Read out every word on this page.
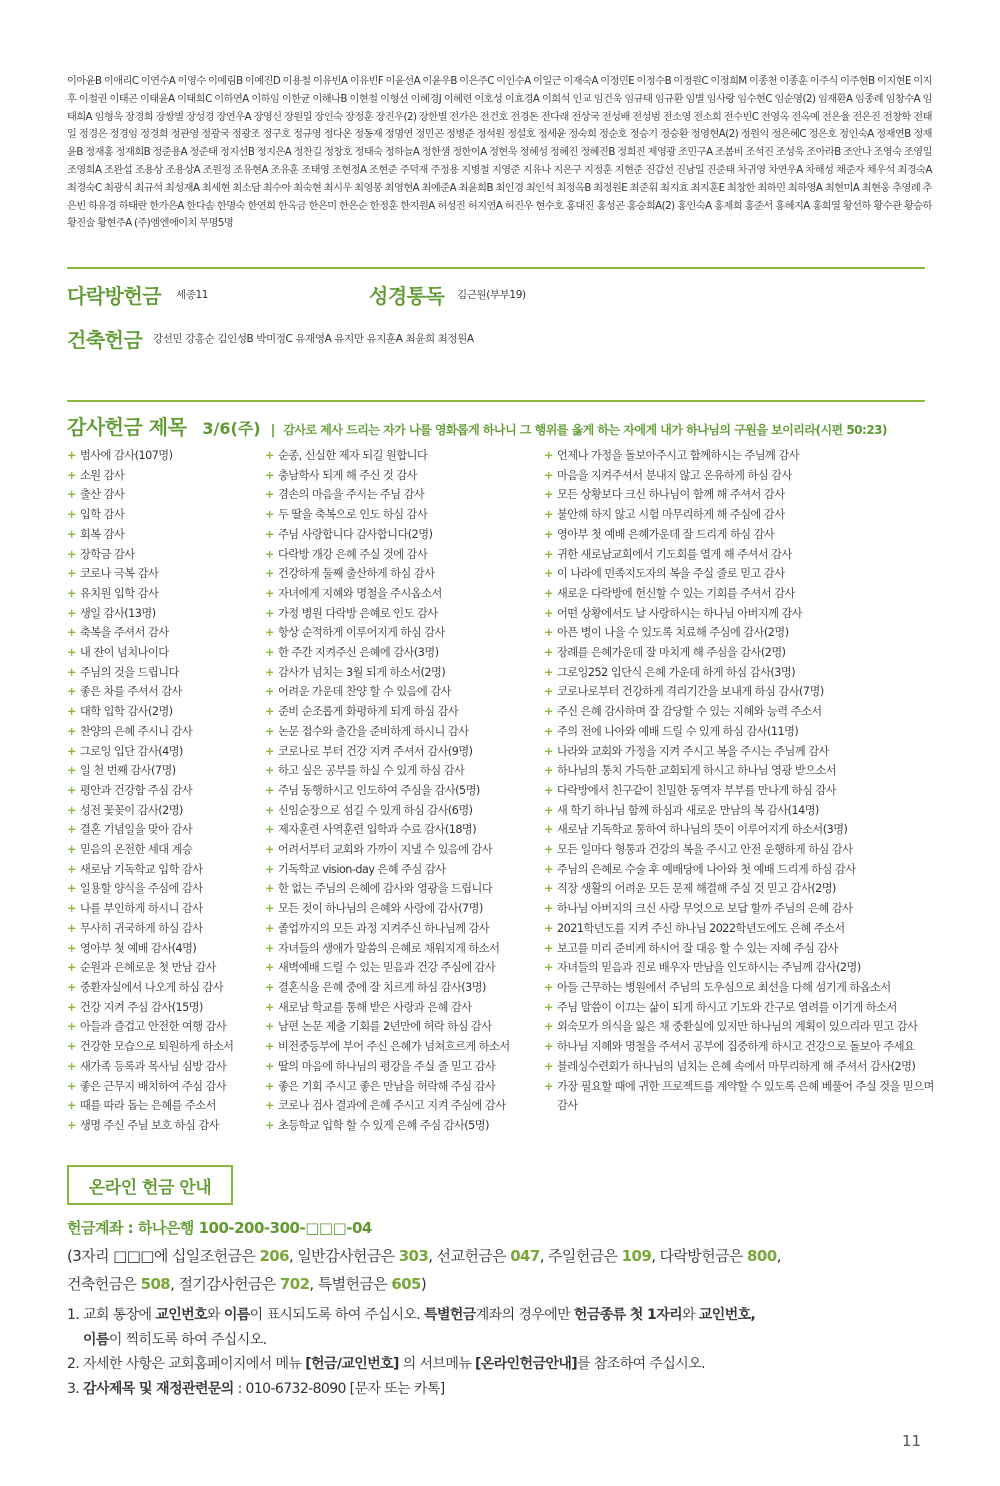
이아윤B 이애리C 이연수A 이영수 이예림B 이예진D 이용철 이유빈A 이유빈F 이윤선A 이윤우B 이은주C 이인수A 이일근 이재숙A 이정민E 이정수B 이정원C 이정희M 이종천 이종훈 이주식 이주현B 이지현E 이지후 이철권 이태곤 이태윤A 이태희C 이하연A 이하임 이한균 이해나B 이현철 이형선 이혜경J 이혜련 이호성 이효경A 이희석 인교 임건욱 임규태 임규환 임별 임사랑 임수현C 임순영(2) 임재환A 임종례 임창수A 임태희A 임형욱 장경희 장쌍별 장성경 장연우A 장영신 장원일 장인숙 장정훈 장진우(2) 장한별 전가은 전건호 전경돈 전다래 전상국 전성배 전성범 전소영 전소희 전수빈C 전영옥 전옥예 전은율 전은진 전창학 전태일 정경은 정경임 정경희 정관영 정광국 정광조 정구호 정규영 정다온 정동재 정명연 정민곤 정병준 정석원 정설호 정세윤 정숙희 정순호 정승기 정승환 정영현A(2) 정원익 정은혜C 정은호 정인숙A 정재연B 정재윤B 정재홍 정재희B 정준용A 정준태 정지선B 정지은A 정찬길 정창호 정태숙 정하늘A 정한샘 정한이A 정현욱 정혜성 정혜진 정혜진B 정희진 제영광 조민구A 조봄비 조석진 조성욱 조아라B 조안나 조영숙 조영일 조영희A 조완섭 조용상 조용상A 조원정 조유현A 조유훈 조태영 조현정A 조현준 주덕재 주정용 지병철 지영준 지유나 지은구 지정훈 지현준 진갑선 진남일 진준태 차귀영 차연우A 차해성 채준자 채우석 최경숙A 최경숙C 최광식 최규석 최성재A 최세현 최소담 최수아 최숙현 최시우 최영봉 최영현A 최예준A 최윤희B 최인경 최인석 최정옥B 최정원E 최준휘 최지효 최지훈E 최창한 최하민 최하영A 최현미A 최현웅 추영례 추은빈 하유경 하태란 한가은A 한다솜 한명숙 한연희 한옥금 한은미 한은순 한정훈 한지원A 허성진 허지연A 허진우 현수호 홍대진 홍성곤 홍승희A(2) 홍인숙A 홍제희 홍준서 홍혜지A 홍희열 황선하 황수관 황승하 황진술 황현주A (주)엠엔에이치 무명5명
다락방헌금 세종11	성경통독 김근원(부부19)
건축헌금 강선민 강홍순 김인성B 박미정C 유재영A 유지만 유지훈A 최윤희 최정원A
감사헌금 제목 3/6(주) | 감사로 제사 드리는 자가 나를 영화롭게 하나니 그 행위를 옳게 하는 자에게 내가 하나님의 구원을 보이리라(시편 50:23)
+ 범사에 감사(107명)
+ 소원 감사
+ 출산 감사
+ 입학 감사
+ 회복 감사
+ 장학금 감사
+ 코로나 극복 감사
+ 유치원 입학 감사
+ 생일 감사(13명)
+ 축복을 주셔서 감사
+ 내 잔이 넘치나이다
+ 주님의 것을 드립니다
+ 좋은 차를 주셔서 감사
+ 대학 입학 감사(2명)
+ 찬양의 은혜 주시니 감사
+ 그로잉 입단 감사(4명)
+ 일 천 번째 감사(7명)
+ 평안과 건강함 주심 감사
+ 성전 꽃꽂이 감사(2명)
+ 결혼 기념일을 맞아 감사
+ 믿음의 온전한 세대 계승
+ 새로남 기독학교 입학 감사
+ 일용할 양식을 주심에 감사
+ 나를 부인하게 하시니 감사
+ 무사히 귀국하게 하심 감사
+ 영아부 첫 예배 감사(4명)
+ 순원과 은혜로운 첫 만남 감사
+ 중환자실에서 나오게 하심 감사
+ 건강 지켜 주심 감사(15명)
+ 아들과 즐겁고 안전한 여행 감사
+ 건강한 모습으로 퇴원하게 하소서
+ 새가족 등록과 목사님 심방 감사
+ 좋은 근무지 배치하여 주심 감사
+ 때를 따라 돕는 은혜를 주소서
+ 생명 주신 주님 보호 하심 감사
+ 순종, 신실한 제자 되길 원합니다
+ 충남학사 되게 해 주신 것 감사
+ 겸손의 마음을 주시는 주님 감사
+ 두 딸을 축복으로 인도 하심 감사
+ 주님 사랑합니다 감사합니다(2명)
+ 다락방 개강 은혜 주실 것에 감사
+ 건강하게 둘째 출산하게 하심 감사
+ 자녀에게 지혜와 명철을 주시옵소서
+ 가정 병원 다락방 은혜로 인도 감사
+ 항상 순적하게 이루어지게 하심 감사
+ 한 주간 지켜주신 은혜에 감사(3명)
+ 감사가 넘치는 3월 되게 하소서(2명)
+ 어려운 가운데 찬양 할 수 있음에 감사
+ 준비 순조롭게 화평하게 되게 하심 감사
+ 논문 접수와 출간을 준비하게 하시니 감사
+ 코로나로 부터 건강 지켜 주셔서 감사(9명)
+ 하고 싶은 공부를 하실 수 있게 하심 감사
+ 주님 동행하시고 인도하여 주심을 감사(5명)
+ 신임순장으로 섬길 수 있게 하심 감사(6명)
+ 제자훈련 사역훈련 입학과 수료 감사(18명)
+ 어려서부터 교회와 가까이 지낼 수 있음에 감사
+ 기독학교 vision-day 은혜 주심 감사
+ 한 없는 주님의 은혜에 감사와 영광을 드립니다
+ 모든 것이 하나님의 은혜와 사랑에 감사(7명)
+ 졸업까지의 모든 과정 지켜주신 하나님께 감사
+ 자녀들의 생애가 말씀의 은혜로 채워지게 하소서
+ 새벽예배 드릴 수 있는 믿음과 건강 주심에 감사
+ 결혼식을 은혜 중에 잘 치르게 하심 감사(3명)
+ 새로남 학교를 통해 받은 사랑과 은혜 감사
+ 남편 논문 제출 기회를 2년만에 허락 하심 감사
+ 비전중등부에 부어 주신 은혜가 넘쳐흐르게 하소서
+ 딸의 마음에 하나님의 평강을 주실 줄 믿고 감사
+ 좋은 기회 주시고 좋은 만남을 허락해 주심 감사
+ 코로나 검사 결과에 은혜 주시고 지켜 주심에 감사
+ 초등학교 입학 할 수 있게 은혜 주심 감사(5명)
+ 언제나 가정을 돌보아주시고 함께하시는 주님께 감사
+ 마음을 지켜주셔서 분내지 않고 온유하게 하심 감사
+ 모든 상황보다 크신 하나님이 함께 해 주셔서 감사
+ 불안해 하지 않고 시험 마무리하게 해 주심에 감사
+ 영아부 첫 예배 은혜가운데 잘 드리게 하심 감사
+ 귀한 새로남교회에서 기도회를 열게 해 주셔서 감사
+ 이 나라에 민족지도자의 복을 주실 줄로 믿고 감사
+ 새로운 다락방에 헌신할 수 있는 기회를 주셔서 감사
+ 어떤 상황에서도 날 사랑하시는 하나님 아버지께 감사
+ 아픈 병이 나을 수 있도록 치료해 주심에 감사(2명)
+ 장례를 은혜가운데 잘 마치게 해 주심을 감사(2명)
+ 그로잉252 입단식 은혜 가운데 하게 하심 감사(3명)
+ 코로나로부터 건강하게 격리기간을 보내게 하심 감사(7명)
+ 주신 은혜 감사하며 잘 감당할 수 있는 지혜와 능력 주소서
+ 주의 전에 나아와 예배 드릴 수 있게 하심 감사(11명)
+ 나라와 교회와 가정을 지켜 주시고 복을 주시는 주님께 감사
+ 하나님의 통치 가득한 교회되게 하시고 하나님 영광 받으소서
+ 다락방에서 친구같이 친밀한 동역자 부부를 만나게 하심 감사
+ 새 학기 하나님 함께 하심과 새로운 만남의 복 감사(14명)
+ 새로남 기독학교 통하여 하나님의 뜻이 이루어지게 하소서(3명)
+ 모든 일마다 형통과 건강의 복을 주시고 안전 운행하게 하심 감사
+ 주님의 은혜로 수술 후 예배당에 나아와 첫 예배 드리게 하심 감사
+ 직장 생활의 어려운 모든 문제 해결해 주실 것 믿고 감사(2명)
+ 하나님 아버지의 크신 사랑 무엇으로 보답 할까 주님의 은혜 감사
+ 2021학년도를 지켜 주신 하나님 2022학년도에도 은혜 주소서
+ 보고를 미리 준비케 하시어 잘 대응 할 수 있는 지혜 주심 감사
+ 자녀들의 믿음과 진로 배우자 만남을 인도하시는 주님께 감사(2명)
+ 아들 근무하는 병원에서 주님의 도우심으로 최선을 다해 섬기게 하옵소서
+ 주님 말씀이 이끄는 삶이 되게 하시고 기도와 간구로 염려를 이기게 하소서
+ 외숙모가 의식을 잃은 채 중환실에 있지만 하나님의 계획이 있으리라 믿고 감사
+ 하나님 지혜와 명철을 주셔서 공부에 집중하게 하시고 건강으로 돌보아 주세요
+ 블레싱수련회가 하나님의 넘치는 은혜 속에서 마무리하게 해 주셔서 감사(2명)
+ 가장 필요할 때에 귀한 프로젝트를 계약할 수 있도록 은혜 베풀어 주실 것을 믿으며 감사
온라인 헌금 안내
헌금계좌 : 하나은행 100-200-300-□□□-04
(3자리 □□□에 십일조헌금은 206, 일반감사헌금은 303, 선교헌금은 047, 주일헌금은 109, 다락방헌금은 800,
건축헌금은 508, 절기감사헌금은 702, 특별헌금은 605)

1. 교회 통장에 교인번호와 이름이 표시되도록 하여 주십시오. 특별헌금계좌의 경우에만 헌금종류 첫 1자리와 교인번호,

이름이 찍히도록 하여 주십시오.

2. 자세한 사항은 교회홈페이지에서 메뉴 [헌금/교인번호] 의 서브메뉴 [온라인헌금안내]를 참조하여 주십시오.

3. 감사제목 및 재정관련문의 : 010-6732-8090 [문자 또는 카톡]

11
